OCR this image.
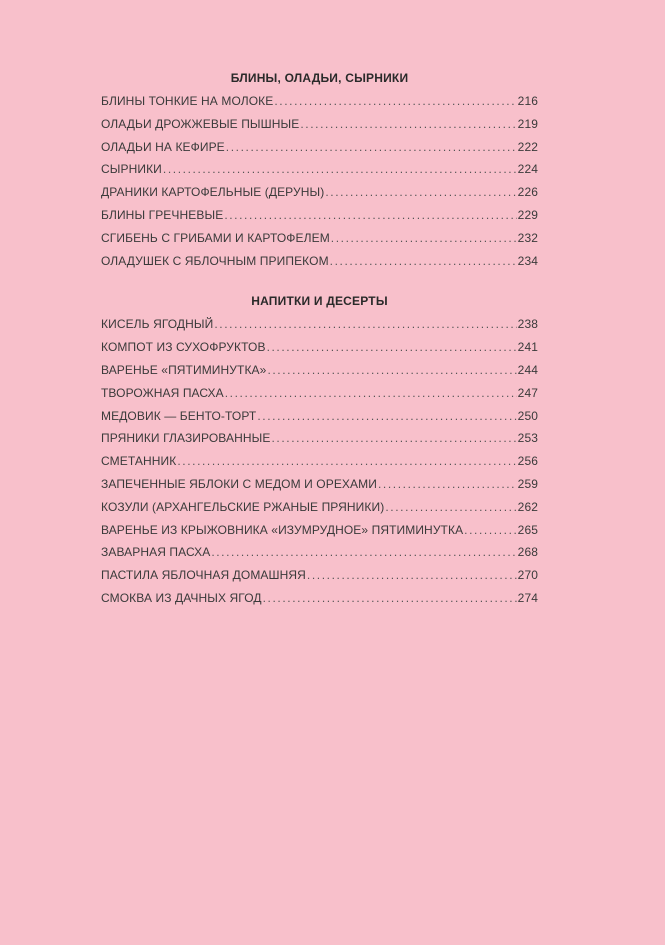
БЛИНЫ, ОЛАДЬИ, СЫРНИКИ
БЛИНЫ ТОНКИЕ НА МОЛОКЕ .....	216
ОЛАДЬИ ДРОЖЖЕВЫЕ ПЫШНЫЕ .....	219
ОЛАДЬИ НА КЕФИРЕ .....	222
СЫРНИКИ .....	224
ДРАНИКИ КАРТОФЕЛЬНЫЕ (ДЕРУНЫ) .....	226
БЛИНЫ ГРЕЧНЕВЫЕ .....	229
СГИБЕНЬ С ГРИБАМИ И КАРТОФЕЛЕМ .....	232
ОЛАДУШЕК С ЯБЛОЧНЫМ ПРИПЕКОМ .....	234
НАПИТКИ И ДЕСЕРТЫ
КИСЕЛЬ ЯГОДНЫЙ .....	238
КОМПОТ ИЗ СУХОФРУКТОВ .....	241
ВАРЕНЬЕ «ПЯТИМИНУТКА» .....	244
ТВОРОЖНАЯ ПАСХА .....	247
МЕДОВИК — БЕНТО-ТОРТ .....	250
ПРЯНИКИ ГЛАЗИРОВАННЫЕ .....	253
СМЕТАННИК .....	256
ЗАПЕЧЕННЫЕ ЯБЛОКИ С МЕДОМ И ОРЕХАМИ .....	259
КОЗУЛИ (АРХАНГЕЛЬСКИЕ РЖАНЫЕ ПРЯНИКИ) .....	262
ВАРЕНЬЕ ИЗ КРЫЖОВНИКА «ИЗУМРУДНОЕ» ПЯТИМИНУТКА .....	265
ЗАВАРНАЯ ПАСХА .....	268
ПАСТИЛА ЯБЛОЧНАЯ ДОМАШНЯЯ .....	270
СМОКВА ИЗ ДАЧНЫХ ЯГОД .....	274
